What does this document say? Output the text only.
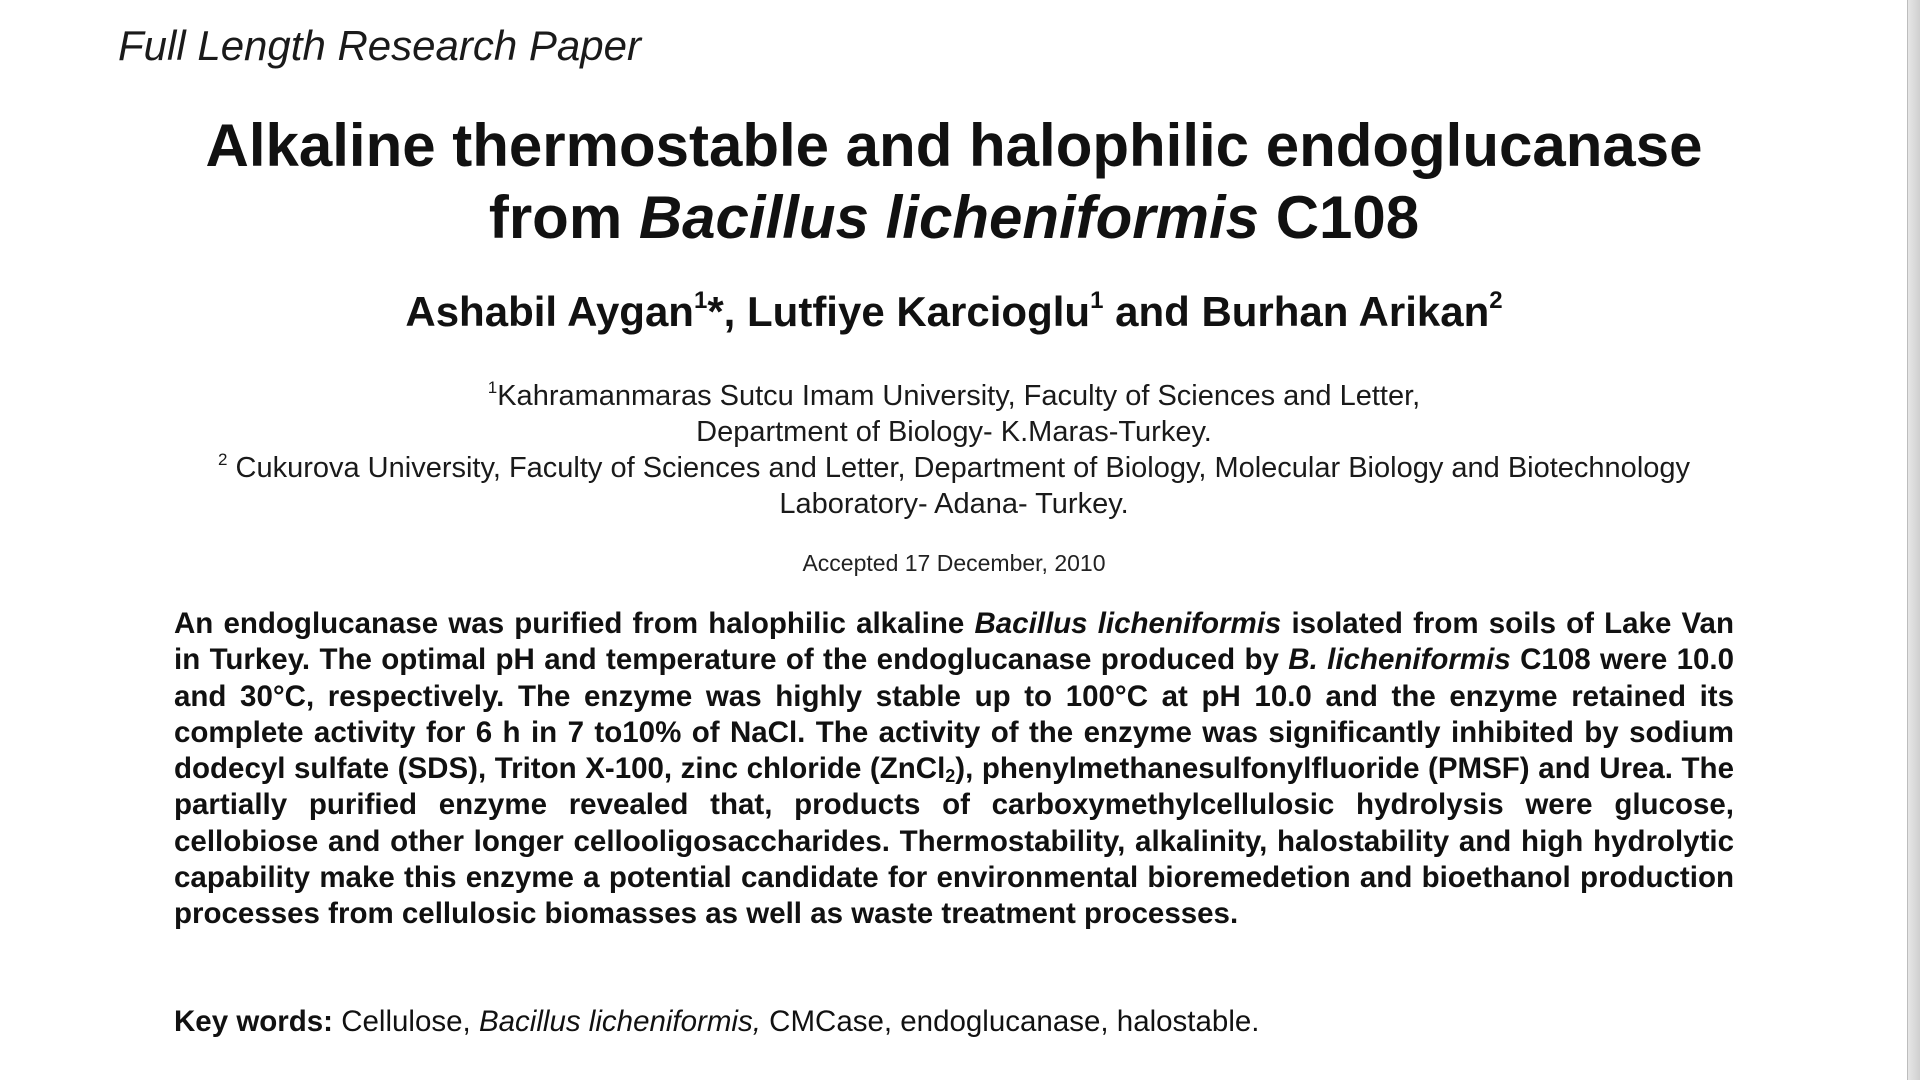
Full Length Research Paper
Alkaline thermostable and halophilic endoglucanase
from Bacillus licheniformis C108
Ashabil Aygan$^1$*, Lutfiye Karcioglu$^1$ and Burhan Arikan$^2$
$^1$Kahramanmaras Sutcu Imam University, Faculty of Sciences and Letter,
Department of Biology- K.Maras-Turkey.
$^2$ Cukurova University, Faculty of Sciences and Letter, Department of Biology, Molecular Biology and Biotechnology
Laboratory- Adana- Turkey.
Accepted 17 December, 2010
An endoglucanase was purified from halophilic alkaline Bacillus licheniformis isolated from soils of Lake Van in Turkey. The optimal pH and temperature of the endoglucanase produced by B. licheniformis C108 were 10.0 and 30°C, respectively. The enzyme was highly stable up to 100°C at pH 10.0 and the enzyme retained its complete activity for 6 h in 7 to10% of NaCl. The activity of the enzyme was significantly inhibited by sodium dodecyl sulfate (SDS), Triton X-100, zinc chloride (ZnCl$_2$), phenylmethanesulfonylfluoride (PMSF) and Urea. The partially purified enzyme revealed that, products of carboxymethylcellulosic hydrolysis were glucose, cellobiose and other longer cellooligosaccharides. Thermostability, alkalinity, halostability and high hydrolytic capability make this enzyme a potential candidate for environmental bioremedetion and bioethanol production processes from cellulosic biomasses as well as waste treatment processes.
Key words: Cellulose, Bacillus licheniformis, CMCase, endoglucanase, halostable.
